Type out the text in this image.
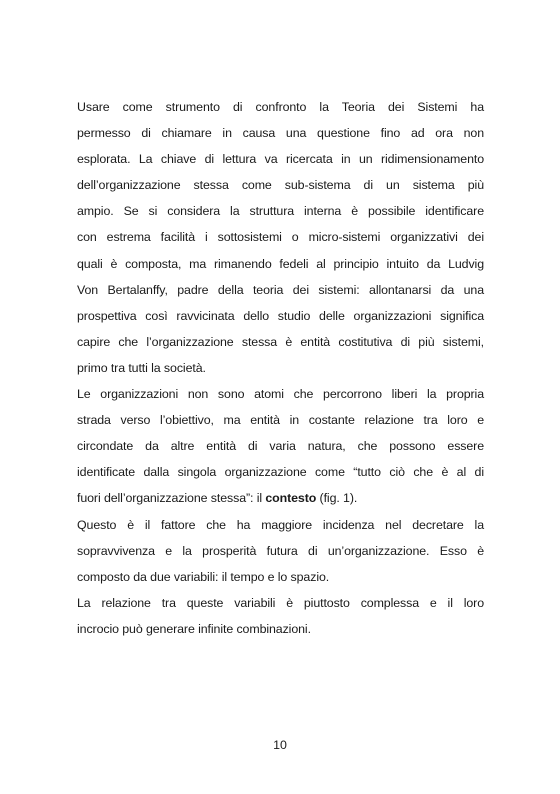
Usare come strumento di confronto la Teoria dei Sistemi ha
permesso di chiamare in causa una questione fino ad ora non
esplorata. La chiave di lettura va ricercata in un ridimensionamento
dell’organizzazione stessa come sub-sistema di un sistema più
ampio. Se si considera la struttura interna è possibile identificare
con estrema facilità i sottosistemi o micro-sistemi organizzativi dei
quali è composta, ma rimanendo fedeli al principio intuito da Ludvig
Von Bertalanffy, padre della teoria dei sistemi: allontanarsi da una
prospettiva così ravvicinata dello studio delle organizzazioni significa
capire che l’organizzazione stessa è entità costitutiva di più sistemi,
primo tra tutti la società.

Le organizzazioni non sono atomi che percorrono liberi la propria
strada verso l’obiettivo, ma entità in costante relazione tra loro e
circondate da altre entità di varia natura, che possono essere
identificate dalla singola organizzazione come “tutto ciò che è al di
fuori dell’organizzazione stessa”: il contesto (fig. 1).

Questo è il fattore che ha maggiore incidenza nel decretare la
sopravvivenza e la prosperità futura di un’organizzazione. Esso è
composto da due variabili: il tempo e lo spazio.

La relazione tra queste variabili è piuttosto complessa e il loro
incrocio può generare infinite combinazioni.

10
